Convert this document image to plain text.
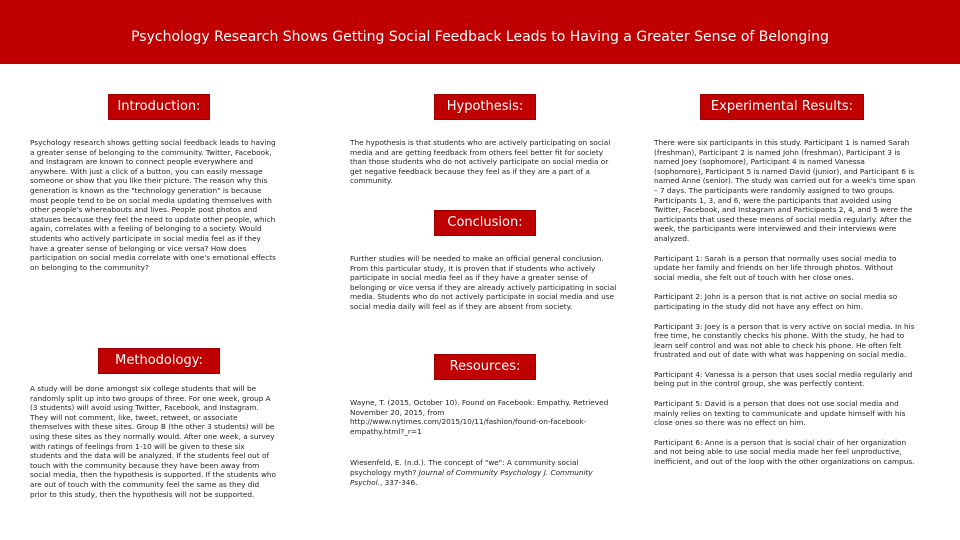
Psychology Research Shows Getting Social Feedback Leads to Having a Greater Sense of Belonging
Introduction:
Psychology research shows getting social feedback leads to having a greater sense of belonging to the community. Twitter, Facebook, and Instagram are known to connect people everywhere and anywhere. With just a click of a button, you can easily message someone or show that you like their picture. The reason why this generation is known as the "technology generation" is because most people tend to be on social media updating themselves with other people's whereabouts and lives. People post photos and statuses because they feel the need to update other people, which again, correlates with a feeling of belonging to a society. Would students who actively participate in social media feel as if they have a greater sense of belonging or vice versa? How does participation on social media correlate with one's emotional effects on belonging to the community?
Methodology:
A study will be done amongst six college students that will be randomly split up into two groups of three. For one week, group A (3 students) will avoid using Twitter, Facebook, and Instagram. They will not comment, like, tweet, retweet, or associate themselves with these sites. Group B (the other 3 students) will be using these sites as they normally would. After one week, a survey with ratings of feelings from 1-10 will be given to these six students and the data will be analyzed. If the students feel out of touch with the community because they have been away from social media, then the hypothesis is supported. If the students who are out of touch with the community feel the same as they did prior to this study, then the hypothesis will not be supported.
Hypothesis:
The hypothesis is that students who are actively participating on social media and are getting feedback from others feel better fit for society than those students who do not actively participate on social media or get negative feedback because they feel as if they are a part of a community.
Conclusion:
Further studies will be needed to make an official general conclusion. From this particular study, it is proven that if students who actively participate in social media feel as if they have a greater sense of belonging or vice versa if they are already actively participating in social media. Students who do not actively participate in social media and use social media daily will feel as if they are absent from society.
Resources:
Wayne, T. (2015, October 10). Found on Facebook: Empathy. Retrieved November 20, 2015, from http://www.nytimes.com/2015/10/11/fashion/found-on-facebook-empathy.html?_r=1
Wiesenfeld, E. (n.d.). The concept of "we": A community social psychology myth? Journal of Community Psychology J. Community Psychol., 337-346.
Experimental Results:

There were six participants in this study. Participant 1 is named Sarah (freshman), Participant 2 is named John (freshman), Participant 3 is named Joey (sophomore), Participant 4 is named Vanessa (sophomore), Participant 5 is named David (junior), and Participant 6 is named Anne (senior). The study was carried out for a week's time span – 7 days. The participants were randomly assigned to two groups. Participants 1, 3, and 6, were the participants that avoided using Twitter, Facebook, and Instagram and Participants 2, 4, and 5 were the participants that used these means of social media regularly. After the week, the participants were interviewed and their interviews were analyzed.

Participant 1: Sarah is a person that normally uses social media to update her family and friends on her life through photos. Without social media, she felt out of touch with her close ones.

Participant 2: John is a person that is not active on social media so participating in the study did not have any effect on him.

Participant 3: Joey is a person that is very active on social media. In his free time, he constantly checks his phone. With the study, he had to learn self control and was not able to check his phone. He often felt frustrated and out of date with what was happening on social media.

Participant 4: Vanessa is a person that uses social media regularly and being put in the control group, she was perfectly content.

Participant 5: David is a person that does not use social media and mainly relies on texting to communicate and update himself with his close ones so there was no effect on him.

Participant 6: Anne is a person that is social chair of her organization and not being able to use social media made her feel unproductive, inefficient, and out of the loop with the other organizations on campus.
